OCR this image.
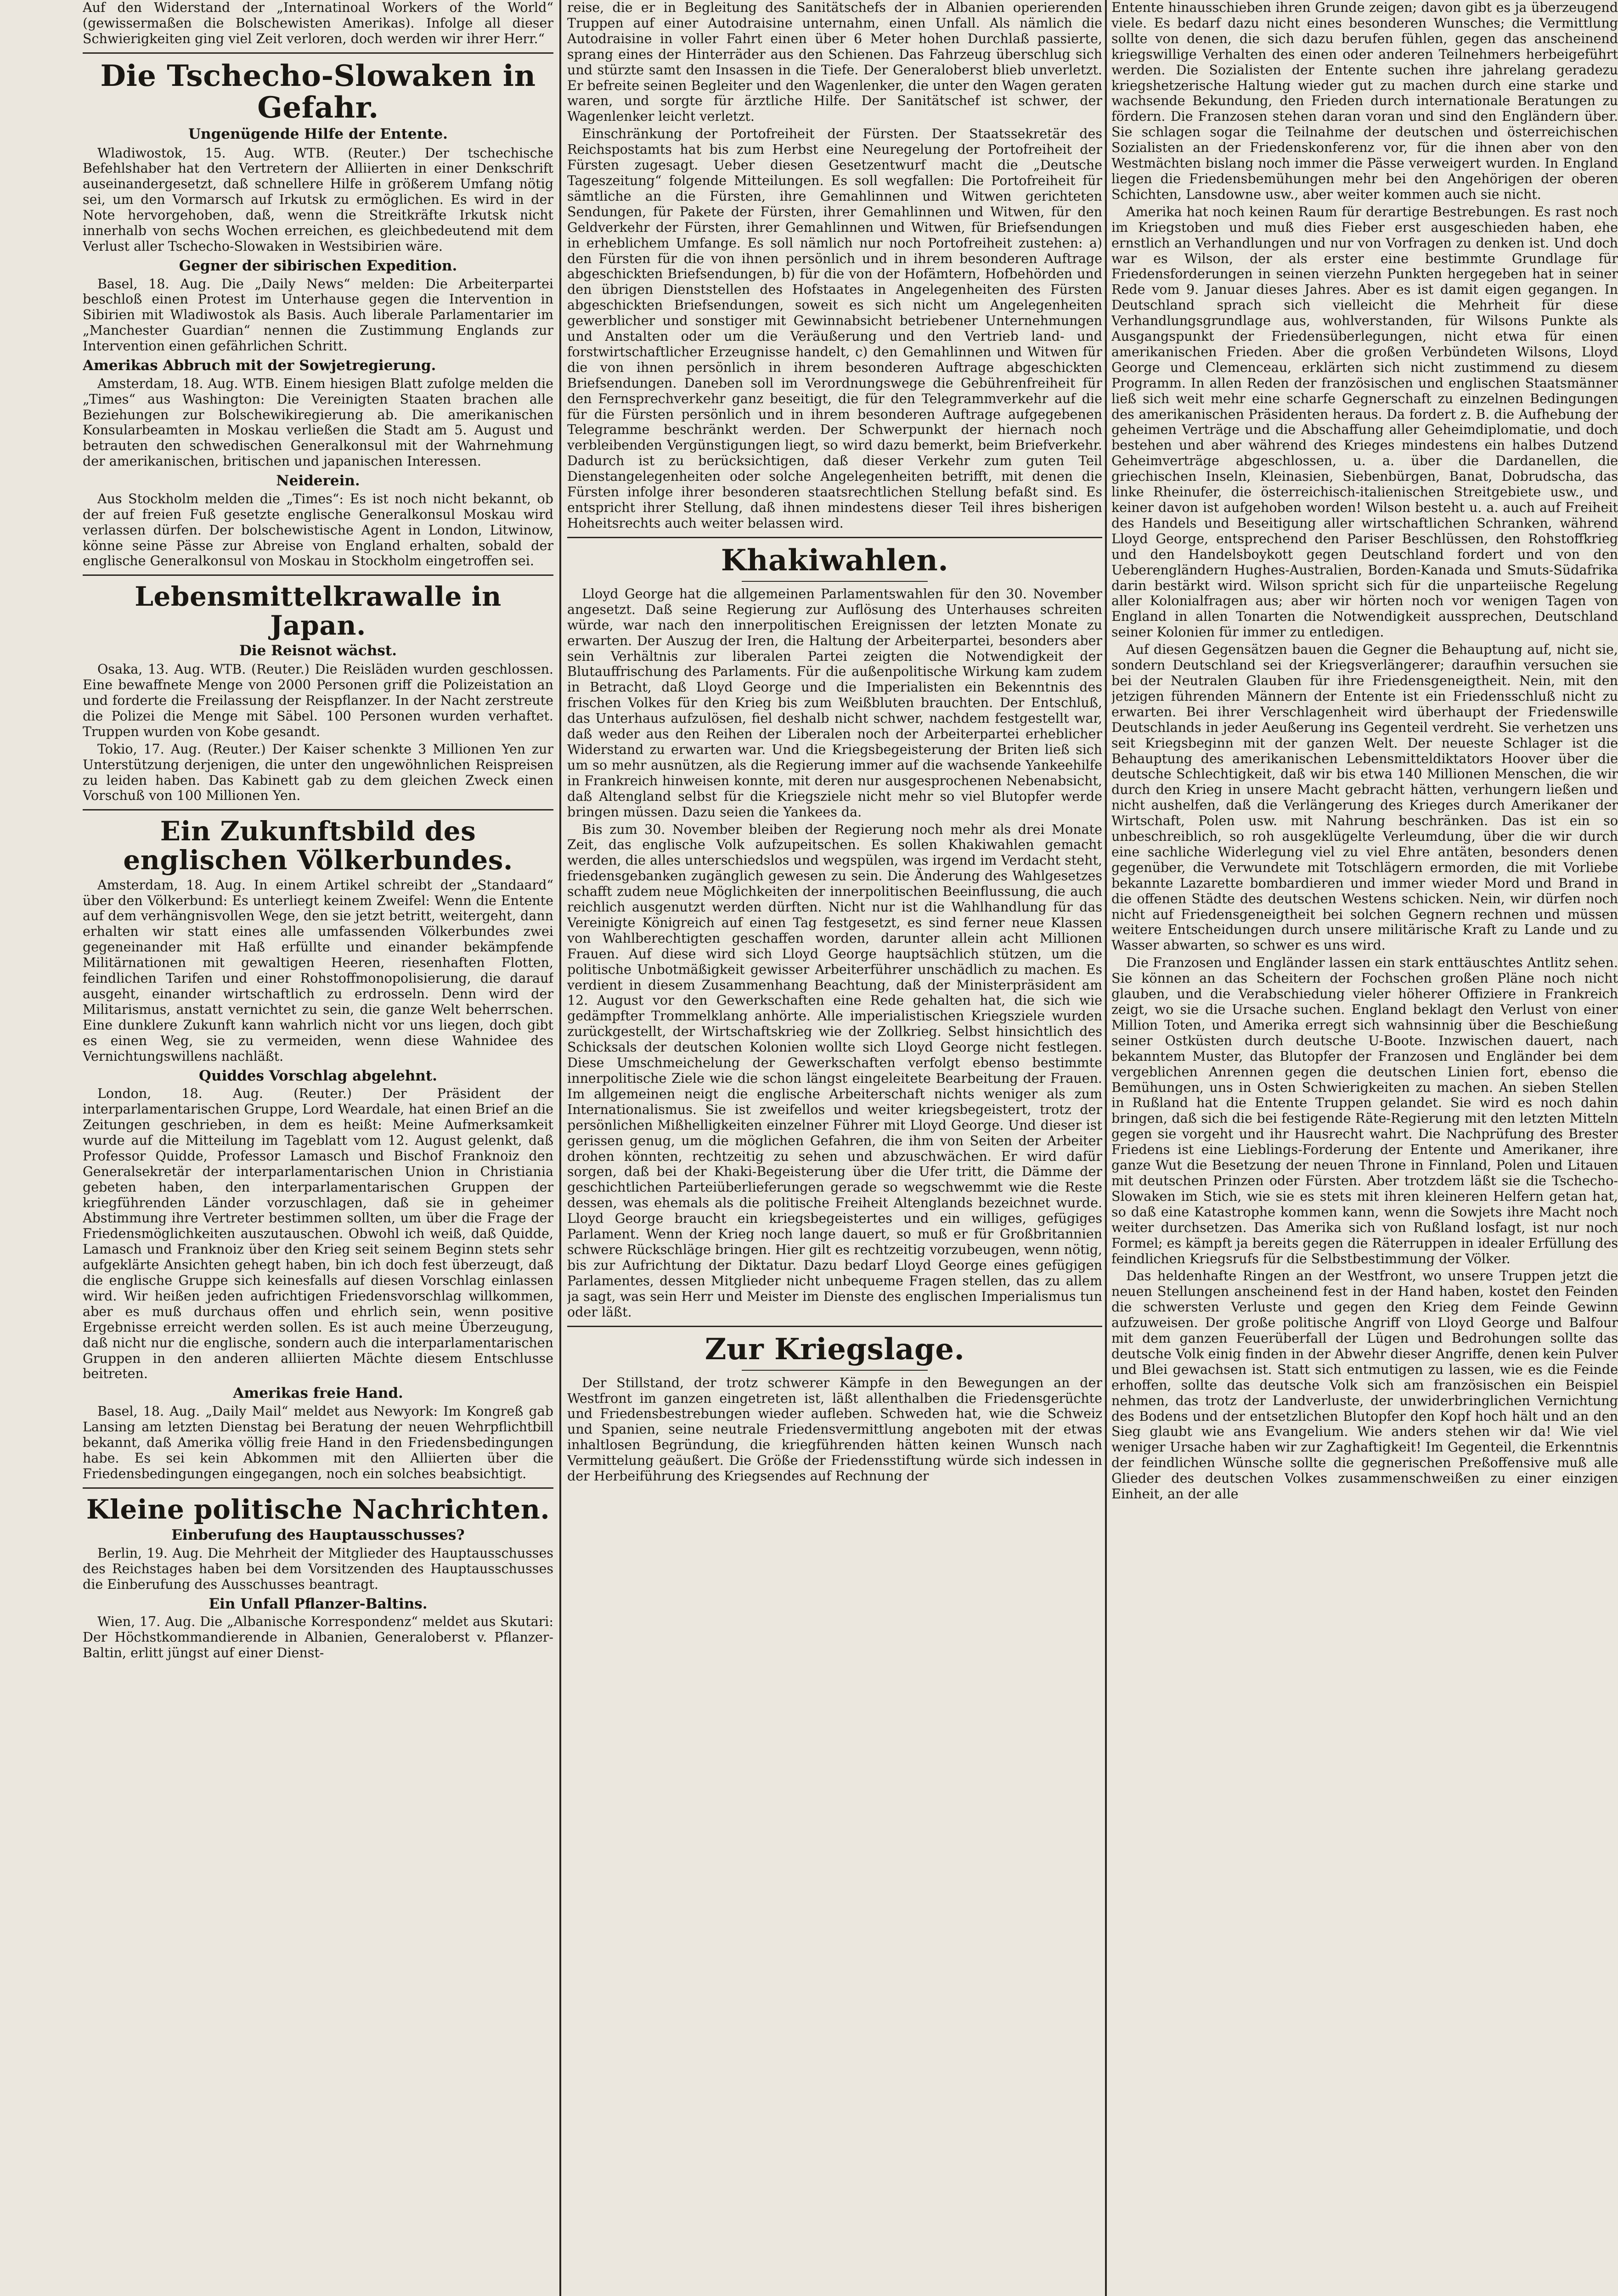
Auf den Widerstand der „Internatinoal Workers of the World“ (gewissermaßen die Bolschewisten Amerikas). Infolge all dieser Schwierigkeiten ging viel Zeit verloren, doch werden wir ihrer Herr.“

Die Tschecho-Slowaken in Gefahr.
Ungenügende Hilfe der Entente.

Wladiwostok, 15. Aug. WTB. (Reuter.) Der tschechische Befehlshaber hat den Vertretern der Alliierten in einer Denkschrift auseinandergesetzt, daß schnellere Hilfe in größerem Umfang nötig sei, um den Vormarsch auf Irkutsk zu ermöglichen. Es wird in der Note hervorgehoben, daß, wenn die Streitkräfte Irkutsk nicht innerhalb von sechs Wochen erreichen, es gleichbedeutend mit dem Verlust aller Tschecho-Slowaken in Westsibirien wäre.

Gegner der sibirischen Expedition.

Basel, 18. Aug. Die „Daily News“ melden: Die Arbeiterpartei beschloß einen Protest im Unterhause gegen die Intervention in Sibirien mit Wladiwostok als Basis. Auch liberale Parlamentarier im „Manchester Guardian“ nennen die Zustimmung Englands zur Intervention einen gefährlichen Schritt.

Amerikas Abbruch mit der Sowjetregierung.

Amsterdam, 18. Aug. WTB. Einem hiesigen Blatt zufolge melden die „Times“ aus Washington: Die Vereinigten Staaten brachen alle Beziehungen zur Bolschewikiregierung ab. Die amerikanischen Konsularbeamten in Moskau verließen die Stadt am 5. August und betrauten den schwedischen Generalkonsul mit der Wahrnehmung der amerikanischen, britischen und japanischen Interessen.

Neiderein.

Aus Stockholm melden die „Times“: Es ist noch nicht bekannt, ob der auf freien Fuß gesetzte englische Generalkonsul Moskau wird verlassen dürfen. Der bolschewistische Agent in London, Litwinow, könne seine Pässe zur Abreise von England erhalten, sobald der englische Generalkonsul von Moskau in Stockholm eingetroffen sei.

Lebensmittelkrawalle in Japan.
Die Reisnot wächst.

Osaka, 13. Aug. WTB. (Reuter.) Die Reisläden wurden geschlossen. Eine bewaffnete Menge von 2000 Personen griff die Polizeistation an und forderte die Freilassung der Reispflanzer. In der Nacht zerstreute die Polizei die Menge mit Säbel. 100 Personen wurden verhaftet. Truppen wurden von Kobe gesandt.

Tokio, 17. Aug. (Reuter.) Der Kaiser schenkte 3 Millionen Yen zur Unterstützung derjenigen, die unter den ungewöhnlichen Reispreisen zu leiden haben. Das Kabinett gab zu dem gleichen Zweck einen Vorschuß von 100 Millionen Yen.

Ein Zukunftsbild des englischen Völkerbundes.

Amsterdam, 18. Aug. In einem Artikel schreibt der „Standaard“ über den Völkerbund: Es unterliegt keinem Zweifel: Wenn die Entente auf dem verhängnisvollen Wege, den sie jetzt betritt, weitergeht, dann erhalten wir statt eines alle umfassenden Völkerbundes zwei gegeneinander mit Haß erfüllte und einander bekämpfende Militärnationen mit gewaltigen Heeren, riesenhaften Flotten, feindlichen Tarifen und einer Rohstoffmonopolisierung, die darauf ausgeht, einander wirtschaftlich zu erdrosseln. Denn wird der Militarismus, anstatt vernichtet zu sein, die ganze Welt beherrschen. Eine dunklere Zukunft kann wahrlich nicht vor uns liegen, doch gibt es einen Weg, sie zu vermeiden, wenn diese Wahnidee des Vernichtungswillens nachläßt.

Quiddes Vorschlag abgelehnt.

London, 18. Aug. (Reuter.) Der Präsident der interparlamentarischen Gruppe, Lord Weardale, hat einen Brief an die Zeitungen geschrieben, in dem es heißt: Meine Aufmerksamkeit wurde auf die Mitteilung im Tageblatt vom 12. August gelenkt, daß Professor Quidde, Professor Lamasch und Bischof Franknoiz den Generalsekretär der interparlamentarischen Union in Christiania gebeten haben, den interparlamentarischen Gruppen der kriegführenden Länder vorzuschlagen, daß sie in geheimer Abstimmung ihre Vertreter bestimmen sollten, um über die Frage der Friedensmöglichkeiten auszutauschen. Obwohl ich weiß, daß Quidde, Lamasch und Franknoiz über den Krieg seit seinem Beginn stets sehr aufgeklärte Ansichten gehegt haben, bin ich doch fest überzeugt, daß die englische Gruppe sich keinesfalls auf diesen Vorschlag einlassen wird. Wir heißen jeden aufrichtigen Friedensvorschlag willkommen, aber es muß durchaus offen und ehrlich sein, wenn positive Ergebnisse erreicht werden sollen. Es ist auch meine Überzeugung, daß nicht nur die englische, sondern auch die interparlamentarischen Gruppen in den anderen alliierten Mächte diesem Entschlusse beitreten.

Amerikas freie Hand.

Basel, 18. Aug. „Daily Mail“ meldet aus Newyork: Im Kongreß gab Lansing am letzten Dienstag bei Beratung der neuen Wehrpflichtbill bekannt, daß Amerika völlig freie Hand in den Friedensbedingungen habe. Es sei kein Abkommen mit den Alliierten über die Friedensbedingungen eingegangen, noch ein solches beabsichtigt.

Kleine politische Nachrichten.
Einberufung des Hauptausschusses?

Berlin, 19. Aug. Die Mehrheit der Mitglieder des Hauptausschusses des Reichstages haben bei dem Vorsitzenden des Hauptausschusses die Einberufung des Ausschusses beantragt.

Ein Unfall Pflanzer-Baltins.

Wien, 17. Aug. Die „Albanische Korrespondenz“ meldet aus Skutari: Der Höchstkommandierende in Albanien, Generaloberst v. Pflanzer-Baltin, erlitt jüngst auf einer Dienst-

reise, die er in Begleitung des Sanitätschefs der in Albanien operierenden Truppen auf einer Autodraisine unternahm, einen Unfall. Als nämlich die Autodraisine in voller Fahrt einen über 6 Meter hohen Durchlaß passierte, sprang eines der Hinterräder aus den Schienen. Das Fahrzeug überschlug sich und stürzte samt den Insassen in die Tiefe. Der Generaloberst blieb unverletzt. Er befreite seinen Begleiter und den Wagenlenker, die unter den Wagen geraten waren, und sorgte für ärztliche Hilfe. Der Sanitätschef ist schwer, der Wagenlenker leicht verletzt.

Einschränkung der Portofreiheit der Fürsten. Der Staatssekretär des Reichspostamts hat bis zum Herbst eine Neuregelung der Portofreiheit der Fürsten zugesagt. Ueber diesen Gesetzentwurf macht die „Deutsche Tageszeitung“ folgende Mitteilungen. Es soll wegfallen: Die Portofreiheit für sämtliche an die Fürsten, ihre Gemahlinnen und Witwen gerichteten Sendungen, für Pakete der Fürsten, ihrer Gemahlinnen und Witwen, für den Geldverkehr der Fürsten, ihrer Gemahlinnen und Witwen, für Briefsendungen in erheblichem Umfange. Es soll nämlich nur noch Portofreiheit zustehen: a) den Fürsten für die von ihnen persönlich und in ihrem besonderen Auftrage abgeschickten Briefsendungen, b) für die von der Hofämtern, Hofbehörden und den übrigen Dienststellen des Hofstaates in Angelegenheiten des Fürsten abgeschickten Briefsendungen, soweit es sich nicht um Angelegenheiten gewerblicher und sonstiger mit Gewinnabsicht betriebener Unternehmungen und Anstalten oder um die Veräußerung und den Vertrieb land- und forstwirtschaftlicher Erzeugnisse handelt, c) den Gemahlinnen und Witwen für die von ihnen persönlich in ihrem besonderen Auftrage abgeschickten Briefsendungen. Daneben soll im Verordnungswege die Gebührenfreiheit für den Fernsprechverkehr ganz beseitigt, die für den Telegrammverkehr auf die für die Fürsten persönlich und in ihrem besonderen Auftrage aufgegebenen Telegramme beschränkt werden. Der Schwerpunkt der hiernach noch verbleibenden Vergünstigungen liegt, so wird dazu bemerkt, beim Briefverkehr. Dadurch ist zu berücksichtigen, daß dieser Verkehr zum guten Teil Dienstangelegenheiten oder solche Angelegenheiten betrifft, mit denen die Fürsten infolge ihrer besonderen staatsrechtlichen Stellung befaßt sind. Es entspricht ihrer Stellung, daß ihnen mindestens dieser Teil ihres bisherigen Hoheitsrechts auch weiter belassen wird.

Khakiwahlen.

Lloyd George hat die allgemeinen Parlamentswahlen für den 30. November angesetzt. Daß seine Regierung zur Auflösung des Unterhauses schreiten würde, war nach den innerpolitischen Ereignissen der letzten Monate zu erwarten. Der Auszug der Iren, die Haltung der Arbeiterpartei, besonders aber sein Verhältnis zur liberalen Partei zeigten die Notwendigkeit der Blutauffrischung des Parlaments. Für die außenpolitische Wirkung kam zudem in Betracht, daß Lloyd George und die Imperialisten ein Bekenntnis des frischen Volkes für den Krieg bis zum Weißbluten brauchten. Der Entschluß, das Unterhaus aufzulösen, fiel deshalb nicht schwer, nachdem festgestellt war, daß weder aus den Reihen der Liberalen noch der Arbeiterpartei erheblicher Widerstand zu erwarten war. Und die Kriegsbegeisterung der Briten ließ sich um so mehr ausnützen, als die Regierung immer auf die wachsende Yankeehilfe in Frankreich hinweisen konnte, mit deren nur ausgesprochenen Nebenabsicht, daß Altengland selbst für die Kriegsziele nicht mehr so viel Blutopfer werde bringen müssen. Dazu seien die Yankees da.

Bis zum 30. November bleiben der Regierung noch mehr als drei Monate Zeit, das englische Volk aufzupeitschen. Es sollen Khakiwahlen gemacht werden, die alles unterschiedslos und wegspülen, was irgend im Verdacht steht, friedensgebanken zugänglich gewesen zu sein. Die Änderung des Wahlgesetzes schafft zudem neue Möglichkeiten der innerpolitischen Beeinflussung, die auch reichlich ausgenutzt werden dürften. Nicht nur ist die Wahlhandlung für das Vereinigte Königreich auf einen Tag festgesetzt, es sind ferner neue Klassen von Wahlberechtigten geschaffen worden, darunter allein acht Millionen Frauen. Auf diese wird sich Lloyd George hauptsächlich stützen, um die politische Unbotmäßigkeit gewisser Arbeiterführer unschädlich zu machen. Es verdient in diesem Zusammenhang Beachtung, daß der Ministerpräsident am 12. August vor den Gewerkschaften eine Rede gehalten hat, die sich wie gedämpfter Trommelklang anhörte. Alle imperialistischen Kriegsziele wurden zurückgestellt, der Wirtschaftskrieg wie der Zollkrieg. Selbst hinsichtlich des Schicksals der deutschen Kolonien wollte sich Lloyd George nicht festlegen. Diese Umschmeichelung der Gewerkschaften verfolgt ebenso bestimmte innerpolitische Ziele wie die schon längst eingeleitete Bearbeitung der Frauen. Im allgemeinen neigt die englische Arbeiterschaft nichts weniger als zum Internationalismus. Sie ist zweifellos und weiter kriegsbegeistert, trotz der persönlichen Mißhelligkeiten einzelner Führer mit Lloyd George. Und dieser ist gerissen genug, um die möglichen Gefahren, die ihm von Seiten der Arbeiter drohen könnten, rechtzeitig zu sehen und abzuschwächen. Er wird dafür sorgen, daß bei der Khaki-Begeisterung über die Ufer tritt, die Dämme der geschichtlichen Parteiüberlieferungen gerade so wegschwemmt wie die Reste dessen, was ehemals als die politische Freiheit Altenglands bezeichnet wurde. Lloyd George braucht ein kriegsbegeistertes und ein williges, gefügiges Parlament. Wenn der Krieg noch lange dauert, so muß er für Großbritannien schwere Rückschläge bringen. Hier gilt es rechtzeitig vorzubeugen, wenn nötig, bis zur Aufrichtung der Diktatur. Dazu bedarf Lloyd George eines gefügigen Parlamentes, dessen Mitglieder nicht unbequeme Fragen stellen, das zu allem ja sagt, was sein Herr und Meister im Dienste des englischen Imperialismus tun oder läßt.

Zur Kriegslage.

Der Stillstand, der trotz schwerer Kämpfe in den Bewegungen an der Westfront im ganzen eingetreten ist, läßt allenthalben die Friedensgerüchte und Friedensbestrebungen wieder aufleben. Schweden hat, wie die Schweiz und Spanien, seine neutrale Friedensvermittlung angeboten mit der etwas inhaltlosen Begründung, die kriegführenden hätten keinen Wunsch nach Vermittelung geäußert. Die Größe der Friedensstiftung würde sich indessen in der Herbeiführung des Kriegsendes auf Rechnung der

Entente hinausschieben ihren Grunde zeigen; davon gibt es ja überzeugend viele. Es bedarf dazu nicht eines besonderen Wunsches; die Vermittlung sollte von denen, die sich dazu berufen fühlen, gegen das anscheinend kriegswillige Verhalten des einen oder anderen Teilnehmers herbeigeführt werden. Die Sozialisten der Entente suchen ihre jahrelang geradezu kriegshetzerische Haltung wieder gut zu machen durch eine starke und wachsende Bekundung, den Frieden durch internationale Beratungen zu fördern. Die Franzosen stehen daran voran und sind den Engländern über. Sie schlagen sogar die Teilnahme der deutschen und österreichischen Sozialisten an der Friedenskonferenz vor, für die ihnen aber von den Westmächten bislang noch immer die Pässe verweigert wurden. In England liegen die Friedensbemühungen mehr bei den Angehörigen der oberen Schichten, Lansdowne usw., aber weiter kommen auch sie nicht.

Amerika hat noch keinen Raum für derartige Bestrebungen. Es rast noch im Kriegstoben und muß dies Fieber erst ausgeschieden haben, ehe ernstlich an Verhandlungen und nur von Vorfragen zu denken ist. Und doch war es Wilson, der als erster eine bestimmte Grundlage für Friedensforderungen in seinen vierzehn Punkten hergegeben hat in seiner Rede vom 9. Januar dieses Jahres. Aber es ist damit eigen gegangen. In Deutschland sprach sich vielleicht die Mehrheit für diese Verhandlungsgrundlage aus, wohlverstanden, für Wilsons Punkte als Ausgangspunkt der Friedensüberlegungen, nicht etwa für einen amerikanischen Frieden. Aber die großen Verbündeten Wilsons, Lloyd George und Clemenceau, erklärten sich nicht zustimmend zu diesem Programm. In allen Reden der französischen und englischen Staatsmänner ließ sich weit mehr eine scharfe Gegnerschaft zu einzelnen Bedingungen des amerikanischen Präsidenten heraus. Da fordert z. B. die Aufhebung der geheimen Verträge und die Abschaffung aller Geheimdiplomatie, und doch bestehen und aber während des Krieges mindestens ein halbes Dutzend Geheimverträge abgeschlossen, u. a. über die Dardanellen, die griechischen Inseln, Kleinasien, Siebenbürgen, Banat, Dobrudscha, das linke Rheinufer, die österreichisch-italienischen Streitgebiete usw., und keiner davon ist aufgehoben worden! Wilson besteht u. a. auch auf Freiheit des Handels und Beseitigung aller wirtschaftlichen Schranken, während Lloyd George, entsprechend den Pariser Beschlüssen, den Rohstoffkrieg und den Handelsboykott gegen Deutschland fordert und von den Ueberengländern Hughes-Australien, Borden-Kanada und Smuts-Südafrika darin bestärkt wird. Wilson spricht sich für die unparteiische Regelung aller Kolonialfragen aus; aber wir hörten noch vor wenigen Tagen von England in allen Tonarten die Notwendigkeit aussprechen, Deutschland seiner Kolonien für immer zu entledigen.

Auf diesen Gegensätzen bauen die Gegner die Behauptung auf, nicht sie, sondern Deutschland sei der Kriegsverlängerer; daraufhin versuchen sie bei der Neutralen Glauben für ihre Friedensgeneigtheit. Nein, mit den jetzigen führenden Männern der Entente ist ein Friedensschluß nicht zu erwarten. Bei ihrer Verschlagenheit wird überhaupt der Friedenswille Deutschlands in jeder Aeußerung ins Gegenteil verdreht. Sie verhetzen uns seit Kriegsbeginn mit der ganzen Welt. Der neueste Schlager ist die Behauptung des amerikanischen Lebensmitteldiktators Hoover über die deutsche Schlechtigkeit, daß wir bis etwa 140 Millionen Menschen, die wir durch den Krieg in unsere Macht gebracht hätten, verhungern ließen und nicht aushelfen, daß die Verlängerung des Krieges durch Amerikaner der Wirtschaft, Polen usw. mit Nahrung beschränken. Das ist ein so unbeschreiblich, so roh ausgeklügelte Verleumdung, über die wir durch eine sachliche Widerlegung viel zu viel Ehre antäten, besonders denen gegenüber, die Verwundete mit Totschlägern ermorden, die mit Vorliebe bekannte Lazarette bombardieren und immer wieder Mord und Brand in die offenen Städte des deutschen Westens schicken. Nein, wir dürfen noch nicht auf Friedensgeneigtheit bei solchen Gegnern rechnen und müssen weitere Entscheidungen durch unsere militärische Kraft zu Lande und zu Wasser abwarten, so schwer es uns wird.

Die Franzosen und Engländer lassen ein stark enttäuschtes Antlitz sehen. Sie können an das Scheitern der Fochschen großen Pläne noch nicht glauben, und die Verabschiedung vieler höherer Offiziere in Frankreich zeigt, wo sie die Ursache suchen. England beklagt den Verlust von einer Million Toten, und Amerika erregt sich wahnsinnig über die Beschießung seiner Ostküsten durch deutsche U-Boote. Inzwischen dauert, nach bekanntem Muster, das Blutopfer der Franzosen und Engländer bei dem vergeblichen Anrennen gegen die deutschen Linien fort, ebenso die Bemühungen, uns in Osten Schwierigkeiten zu machen. An sieben Stellen in Rußland hat die Entente Truppen gelandet. Sie wird es noch dahin bringen, daß sich die bei festigende Räte-Regierung mit den letzten Mitteln gegen sie vorgeht und ihr Hausrecht wahrt. Die Nachprüfung des Brester Friedens ist eine Lieblings-Forderung der Entente und Amerikaner, ihre ganze Wut die Besetzung der neuen Throne in Finnland, Polen und Litauen mit deutschen Prinzen oder Fürsten. Aber trotzdem läßt sie die Tschecho-Slowaken im Stich, wie sie es stets mit ihren kleineren Helfern getan hat, so daß eine Katastrophe kommen kann, wenn die Sowjets ihre Macht noch weiter durchsetzen. Das Amerika sich von Rußland losfagt, ist nur noch Formel; es kämpft ja bereits gegen die Räterruppen in idealer Erfüllung des feindlichen Kriegsrufs für die Selbstbestimmung der Völker.

Das heldenhafte Ringen an der Westfront, wo unsere Truppen jetzt die neuen Stellungen anscheinend fest in der Hand haben, kostet den Feinden die schwersten Verluste und gegen den Krieg dem Feinde Gewinn aufzuweisen. Der große politische Angriff von Lloyd George und Balfour mit dem ganzen Feuerüberfall der Lügen und Bedrohungen sollte das deutsche Volk einig finden in der Abwehr dieser Angriffe, denen kein Pulver und Blei gewachsen ist. Statt sich entmutigen zu lassen, wie es die Feinde erhoffen, sollte das deutsche Volk sich am französischen ein Beispiel nehmen, das trotz der Landverluste, der unwiderbringlichen Vernichtung des Bodens und der entsetzlichen Blutopfer den Kopf hoch hält und an den Sieg glaubt wie ans Evangelium. Wie anders stehen wir da! Wie viel weniger Ursache haben wir zur Zaghaftigkeit! Im Gegenteil, die Erkenntnis der feindlichen Wünsche sollte die gegnerischen Preßoffensive muß alle Glieder des deutschen Volkes zusammenschweißen zu einer einzigen Einheit, an der alle
